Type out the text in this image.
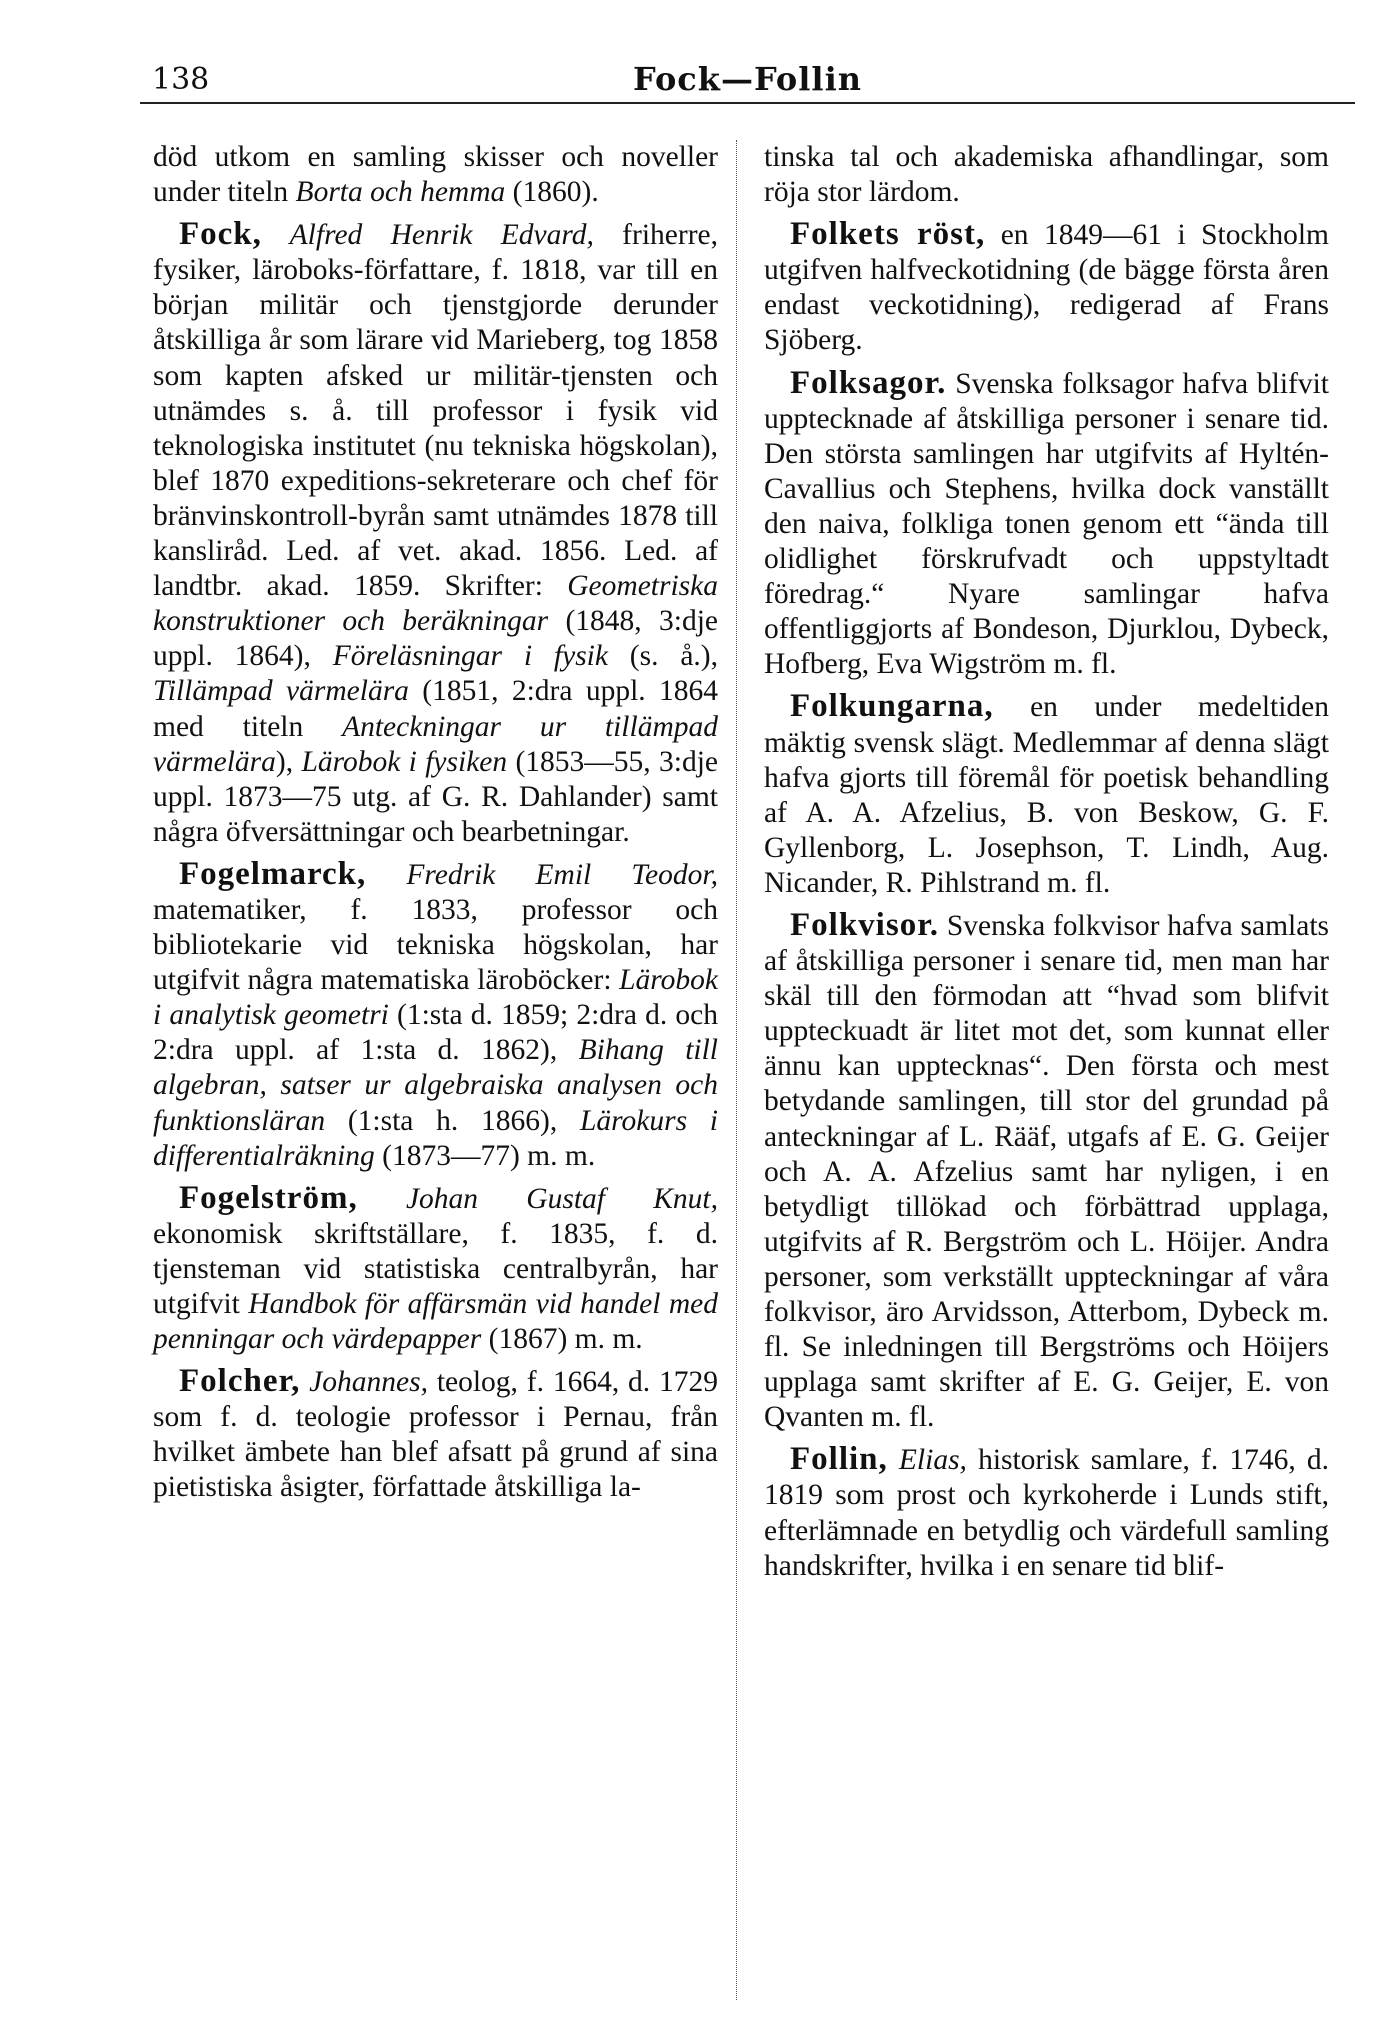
138	Fock—Follin

död utkom en samling skisser och noveller under titeln Borta och hemma (1860).

Fock, Alfred Henrik Edvard, friherre, fysiker, läroboks-författare, f. 1818, var till en början militär och tjenstgjorde derunder åtskilliga år som lärare vid Marieberg, tog 1858 som kapten afsked ur militär-tjensten och utnämdes s. å. till professor i fysik vid teknologiska institutet (nu tekniska högskolan), blef 1870 expeditions-sekreterare och chef för bränvinskontroll-byrån samt utnämdes 1878 till kansliråd. Led. af vet. akad. 1856. Led. af landtbr. akad. 1859. Skrifter: Geometriska konstruktioner och beräkningar (1848, 3:dje uppl. 1864), Föreläsningar i fysik (s. å.), Tillämpad värmelära (1851, 2:dra uppl. 1864 med titeln Anteckningar ur tillämpad värmelära), Lärobok i fysiken (1853—55, 3:dje uppl. 1873—75 utg. af G. R. Dahlander) samt några öfversättningar och bearbetningar.

Fogelmarck, Fredrik Emil Teodor, matematiker, f. 1833, professor och bibliotekarie vid tekniska högskolan, har utgifvit några matematiska läroböcker: Lärobok i analytisk geometri (1:sta d. 1859; 2:dra d. och 2:dra uppl. af 1:sta d. 1862), Bihang till algebran, satser ur algebraiska analysen och funktionsläran (1:sta h. 1866), Lärokurs i differentialräkning (1873—77) m. m.

Fogelström, Johan Gustaf Knut, ekonomisk skriftställare, f. 1835, f. d. tjensteman vid statistiska centralbyrån, har utgifvit Handbok för affärsmän vid handel med penningar och värdepapper (1867) m. m.

Folcher, Johannes, teolog, f. 1664, d. 1729 som f. d. teologie professor i Pernau, från hvilket ämbete han blef afsatt på grund af sina pietistiska åsigter, författade åtskilliga la-

tinska tal och akademiska afhandlingar, som röja stor lärdom.

Folkets röst, en 1849—61 i Stockholm utgifven halfveckotidning (de bägge första åren endast veckotidning), redigerad af Frans Sjöberg.

Folksagor. Svenska folksagor hafva blifvit upptecknade af åtskilliga personer i senare tid. Den största samlingen har utgifvits af Hyltén-Cavallius och Stephens, hvilka dock vanställt den naiva, folkliga tonen genom ett “ända till olidlighet förskrufvadt och uppstyltadt föredrag.“ Nyare samlingar hafva offentliggjorts af Bondeson, Djurklou, Dybeck, Hofberg, Eva Wigström m. fl.

Folkungarna, en under medeltiden mäktig svensk slägt. Medlemmar af denna slägt hafva gjorts till föremål för poetisk behandling af A. A. Afzelius, B. von Beskow, G. F. Gyllenborg, L. Josephson, T. Lindh, Aug. Nicander, R. Pihlstrand m. fl.

Folkvisor. Svenska folkvisor hafva samlats af åtskilliga personer i senare tid, men man har skäl till den förmodan att “hvad som blifvit uppteckuadt är litet mot det, som kunnat eller ännu kan upptecknas“. Den första och mest betydande samlingen, till stor del grundad på anteckningar af L. Rääf, utgafs af E. G. Geijer och A. A. Afzelius samt har nyligen, i en betydligt tillökad och förbättrad upplaga, utgifvits af R. Bergström och L. Höijer. Andra personer, som verkställt uppteckningar af våra folkvisor, äro Arvidsson, Atterbom, Dybeck m. fl. Se inledningen till Bergströms och Höijers upplaga samt skrifter af E. G. Geijer, E. von Qvanten m. fl.

Follin, Elias, historisk samlare, f. 1746, d. 1819 som prost och kyrkoherde i Lunds stift, efterlämnade en betydlig och värdefull samling handskrifter, hvilka i en senare tid blif-
